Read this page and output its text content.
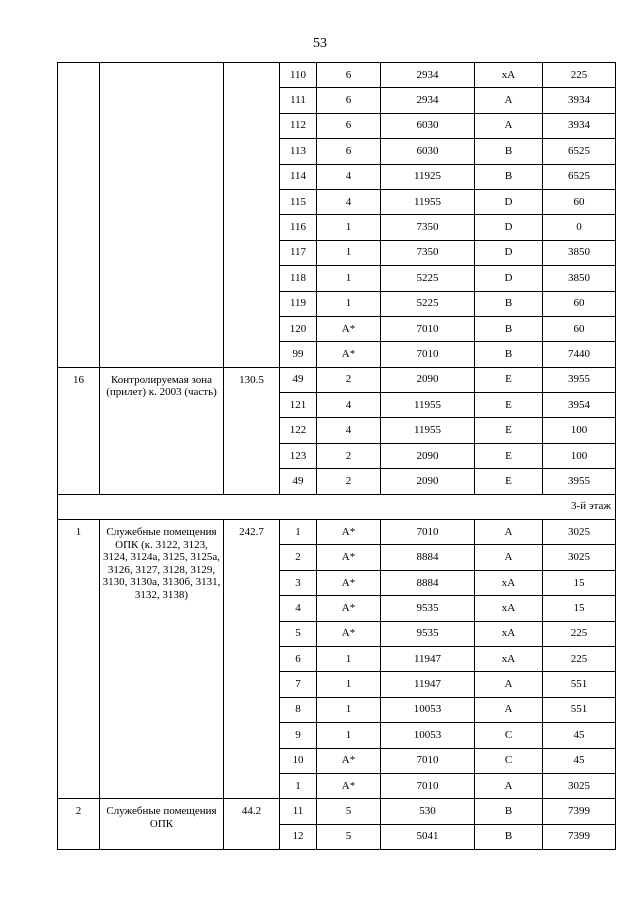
53
			110	6	2934	хА	225
			111	6	2934	А	3934
			112	6	6030	А	3934
			113	6	6030	В	6525
			114	4	11925	В	6525
			115	4	11955	D	60
			116	1	7350	D	0
			117	1	7350	D	3850
			118	1	5225	D	3850
			119	1	5225	В	60
			120	А*	7010	В	60
			99	А*	7010	В	7440
16	Контролируемая зона (прилет) к. 2003 (часть)	130.5	49	2	2090	Е	3955
			121	4	11955	Е	3954
			122	4	11955	Е	100
			123	2	2090	Е	100
			49	2	2090	Е	3955
3-й этаж							
1	Служебные помещения ОПК (к. 3122, 3123, 3124, 3124а, 3125, 3125а, 3126, 3127, 3128, 3129, 3130, 3130а, 3130б, 3131, 3132, 3138)	242.7	1	А*	7010	А	3025
			2	А*	8884	А	3025
			3	А*	8884	хА	15
			4	А*	9535	хА	15
			5	А*	9535	хА	225
			6	1	11947	хА	225
			7	1	11947	А	551
			8	1	10053	А	551
			9	1	10053	С	45
			10	А*	7010	С	45
			1	А*	7010	А	3025
2	Служебные помещения ОПК	44.2	11	5	530	В	7399
			12	5	5041	В	7399
